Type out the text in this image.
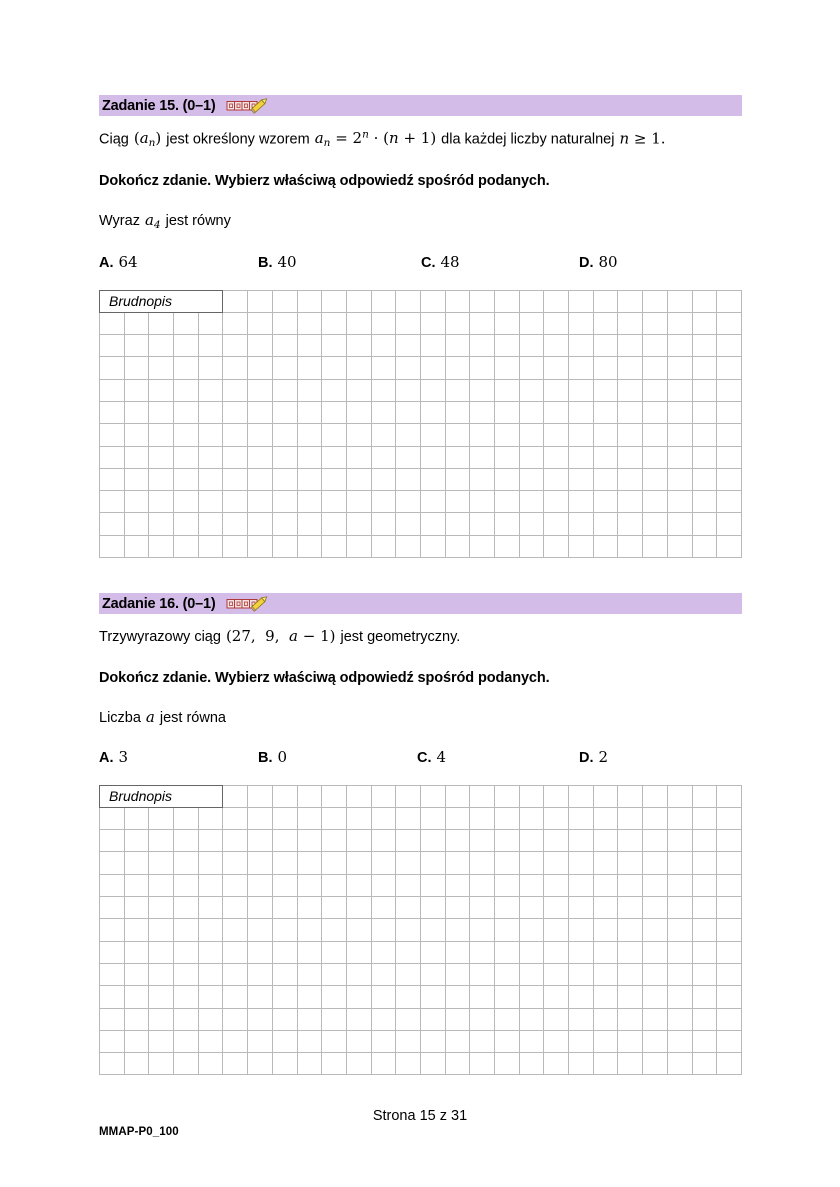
Zadanie 15. (0–1)
Ciąg $(a_n)$ jest określony wzorem $a_n = 2^n \cdot (n + 1)$ dla każdej liczby naturalnej n ≥ 1.
Dokończ zdanie. Wybierz właściwą odpowiedź spośród podanych.
Wyraz $a_4$ jest równy
A. 64	B. 40	C. 48	D. 80
Brudnopis																									

Zadanie 16. (0–1)
Trzywyrazowy ciąg (27,  9,  a − 1) jest geometryczny.
Dokończ zdanie. Wybierz właściwą odpowiedź spośród podanych.
Liczba a jest równa
A. 3	B. 0	C. 4	D. 2
Brudnopis																									

Strona 15 z 31
MMAP-P0_100
